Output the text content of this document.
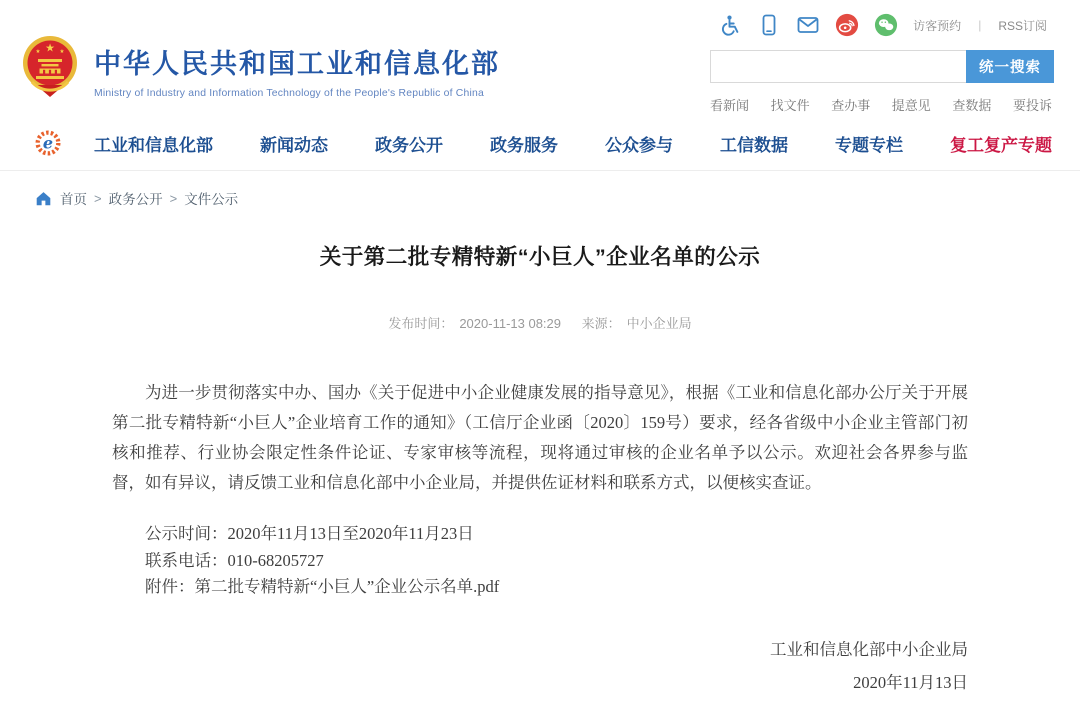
访客预约 | RSS订阅
★
★	★ 中华人民共和国工业和信息化部
Ministry of Industry and Information Technology of the People's Republic of China
统一搜索
看新闻 找文件 查办事 提意见 查数据 要投诉
e 工业和信息化部	新闻动态	政务公开	政务服务	公众参与	工信数据	专题专栏	复工复产专题
首页 > 政务公开 > 文件公示
关于第二批专精特新“小巨人”企业名单的公示
发布时间： 2020-11-13 08:29 来源： 中小企业局

为进一步贯彻落实中办、国办《关于促进中小企业健康发展的指导意见》，根据《工业和信息化部办公厅关于开展第二批专精特新“小巨人”企业培育工作的通知》（工信厅企业函〔2020〕159号）要求，经各省级中小企业主管部门初核和推荐、行业协会限定性条件论证、专家审核等流程，现将通过审核的企业名单予以公示。欢迎社会各界参与监督，如有异议，请反馈工业和信息化部中小企业局，并提供佐证材料和联系方式，以便核实查证。

公示时间：2020年11月13日至2020年11月23日
联系电话：010-68205727
附件：第二批专精特新“小巨人”企业公示名单.pdf
工业和信息化部中小企业局
2020年11月13日
